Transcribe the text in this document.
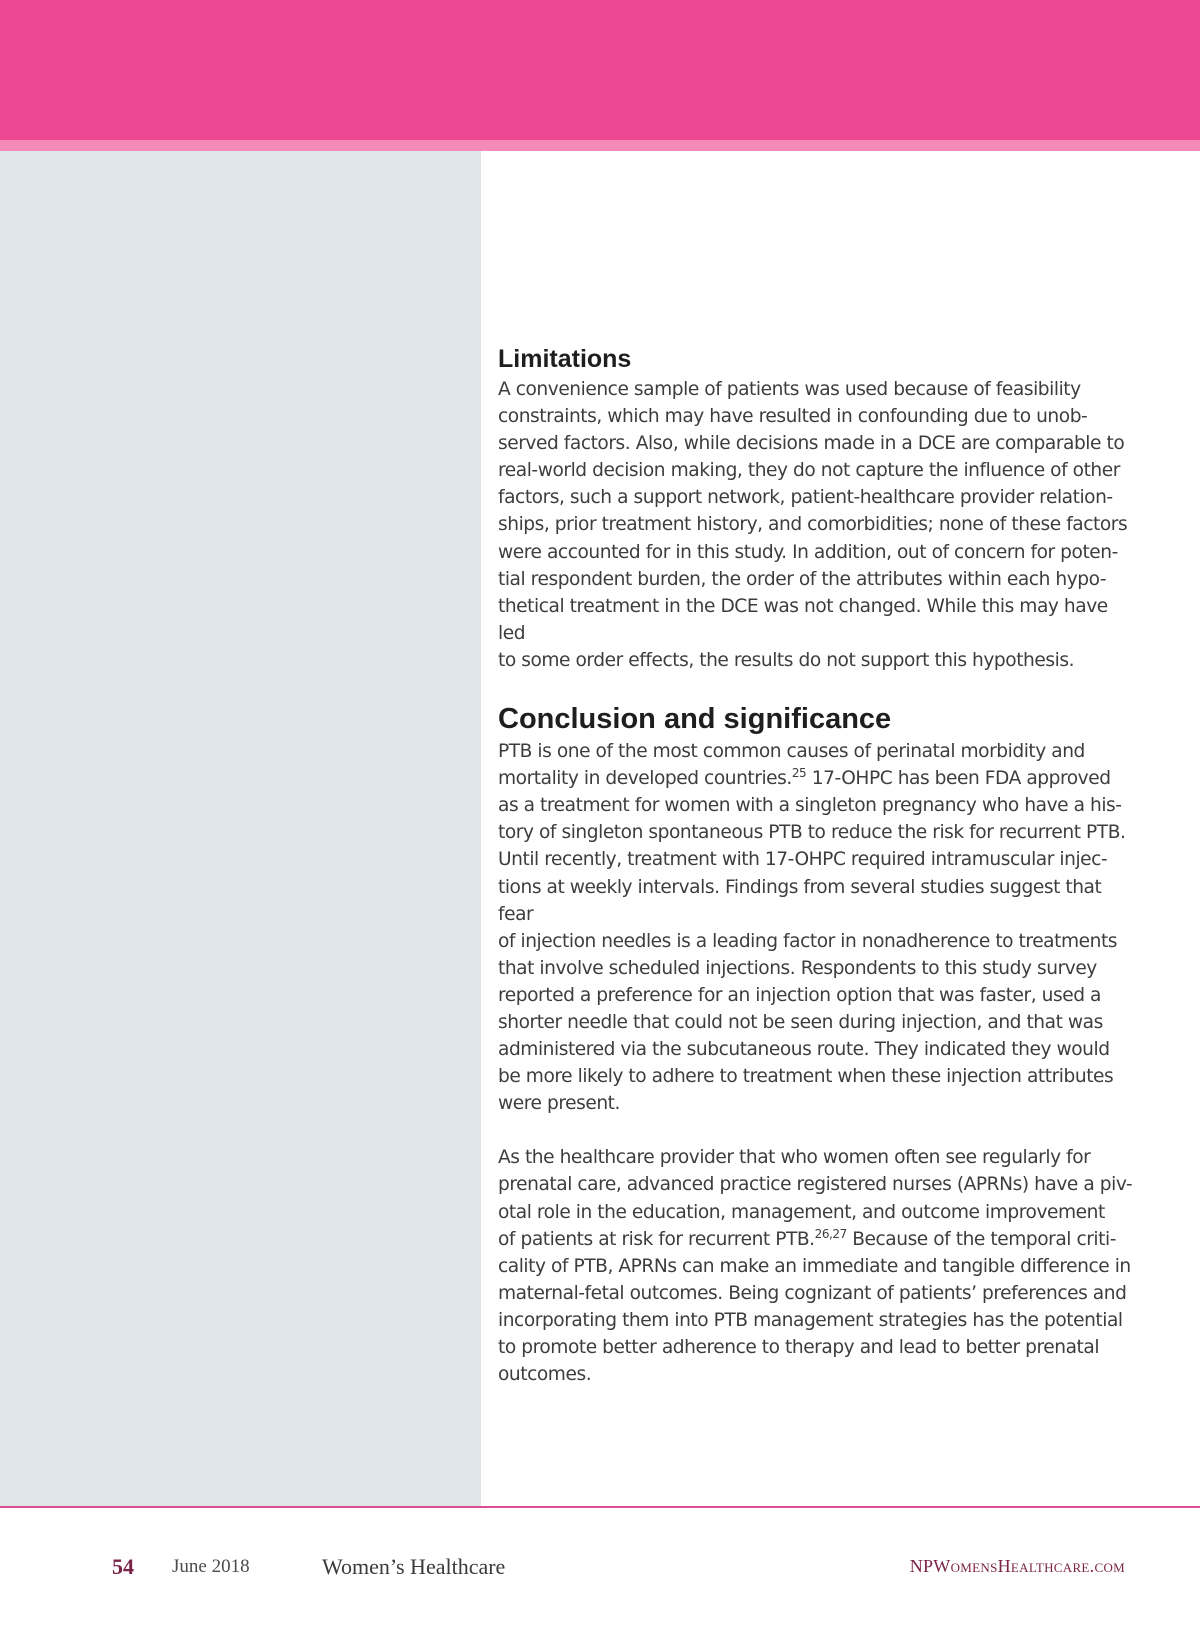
Limitations

A convenience sample of patients was used because of feasibility
constraints, which may have resulted in confounding due to unob-
served factors. Also, while decisions made in a DCE are comparable to
real-world decision making, they do not capture the influence of other
factors, such a support network, patient-healthcare provider relation-
ships, prior treatment history, and comorbidities; none of these factors
were accounted for in this study. In addition, out of concern for poten-
tial respondent burden, the order of the attributes within each hypo-
thetical treatment in the DCE was not changed. While this may have led
to some order effects, the results do not support this hypothesis.

Conclusion and significance

PTB is one of the most common causes of perinatal morbidity and
mortality in developed countries.$^{25}$ 17-OHPC has been FDA approved
as a treatment for women with a singleton pregnancy who have a his-
tory of singleton spontaneous PTB to reduce the risk for recurrent PTB.
Until recently, treatment with 17-OHPC required intramuscular injec-
tions at weekly intervals. Findings from several studies suggest that fear
of injection needles is a leading factor in nonadherence to treatments
that involve scheduled injections. Respondents to this study survey
reported a preference for an injection option that was faster, used a
shorter needle that could not be seen during injection, and that was
administered via the subcutaneous route. They indicated they would
be more likely to adhere to treatment when these injection attributes
were present.

As the healthcare provider that who women often see regularly for
prenatal care, advanced practice registered nurses (APRNs) have a piv-
otal role in the education, management, and outcome improvement
of patients at risk for recurrent PTB.$^{26,27}$ Because of the temporal criti-
cality of PTB, APRNs can make an immediate and tangible difference in
maternal-fetal outcomes. Being cognizant of patients’ preferences and
incorporating them into PTB management strategies has the potential
to promote better adherence to therapy and lead to better prenatal
outcomes.

54 June 2018	Women’s Healthcare	NPWomensHealthcare.com
